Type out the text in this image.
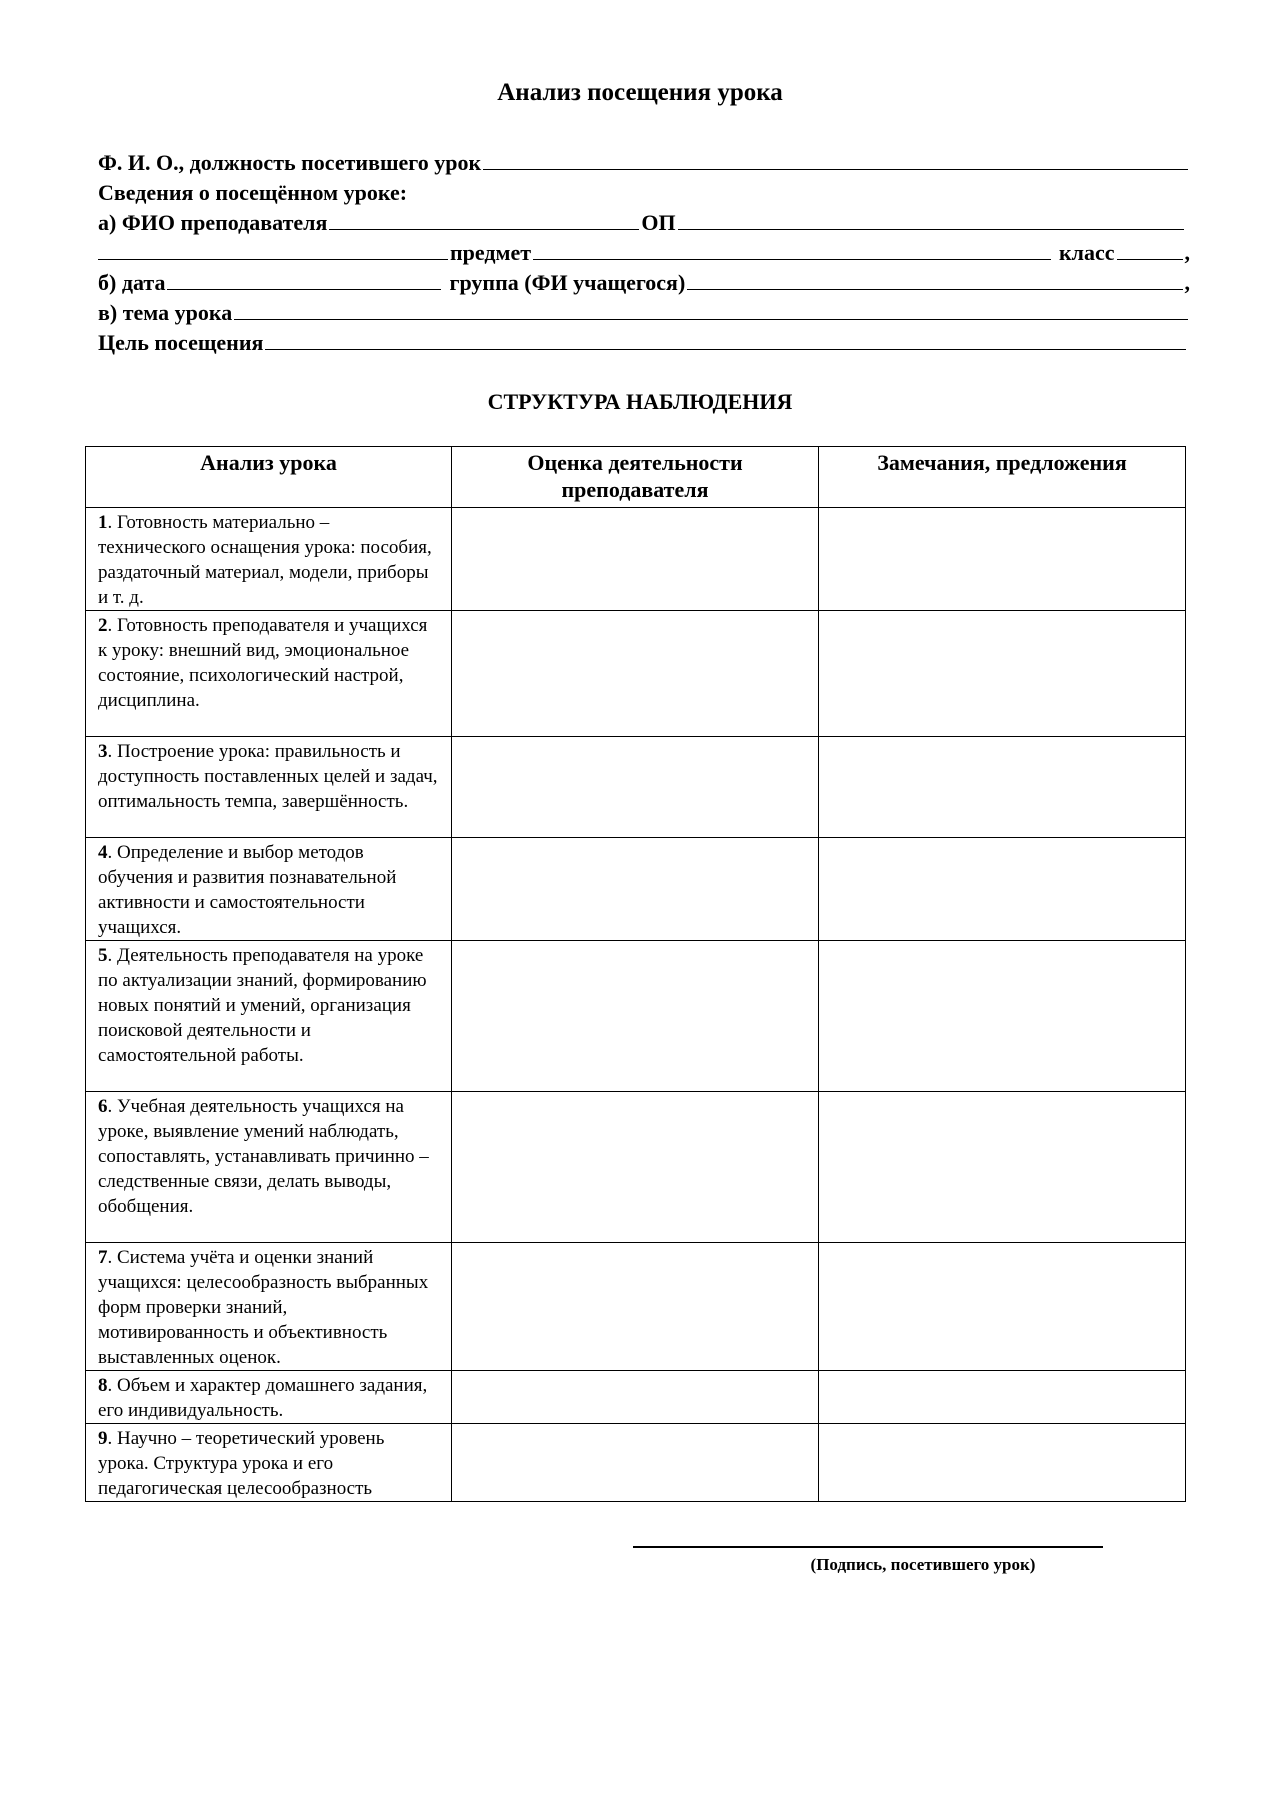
Анализ посещения урока
Ф. И. О., должность посетившего урок
Сведения о посещённом уроке:
а) ФИО преподавателя	ОП
предмет	класс	,
б) дата	группа (ФИ учащегося)	,
в) тема урока
Цель посещения
СТРУКТУРА НАБЛЮДЕНИЯ
Анализ урока	Оценка деятельности преподавателя	Замечания, предложения
1. Готовность материально – технического оснащения урока: пособия, раздаточный материал, модели, приборы и т. д.		
2. Готовность преподавателя и учащихся к уроку: внешний вид, эмоциональное состояние, психологический настрой, дисциплина.		
3. Построение урока: правильность и доступность поставленных целей и задач, оптимальность темпа, завершённость.		
4. Определение и выбор методов обучения и развития познавательной активности и самостоятельности учащихся.		
5. Деятельность преподавателя на уроке по актуализации знаний, формированию новых понятий и умений, организация поисковой деятельности и самостоятельной работы.		
6. Учебная деятельность учащихся на уроке, выявление умений наблюдать, сопоставлять, устанавливать причинно – следственные связи, делать выводы, обобщения.		
7. Система учёта и оценки знаний учащихся: целесообразность выбранных форм проверки знаний, мотивированность и объективность выставленных оценок.		
8. Объем и характер домашнего задания, его индивидуальность.		
9. Научно – теоретический уровень урока. Структура урока и его педагогическая целесообразность		
(Подпись, посетившего урок)
